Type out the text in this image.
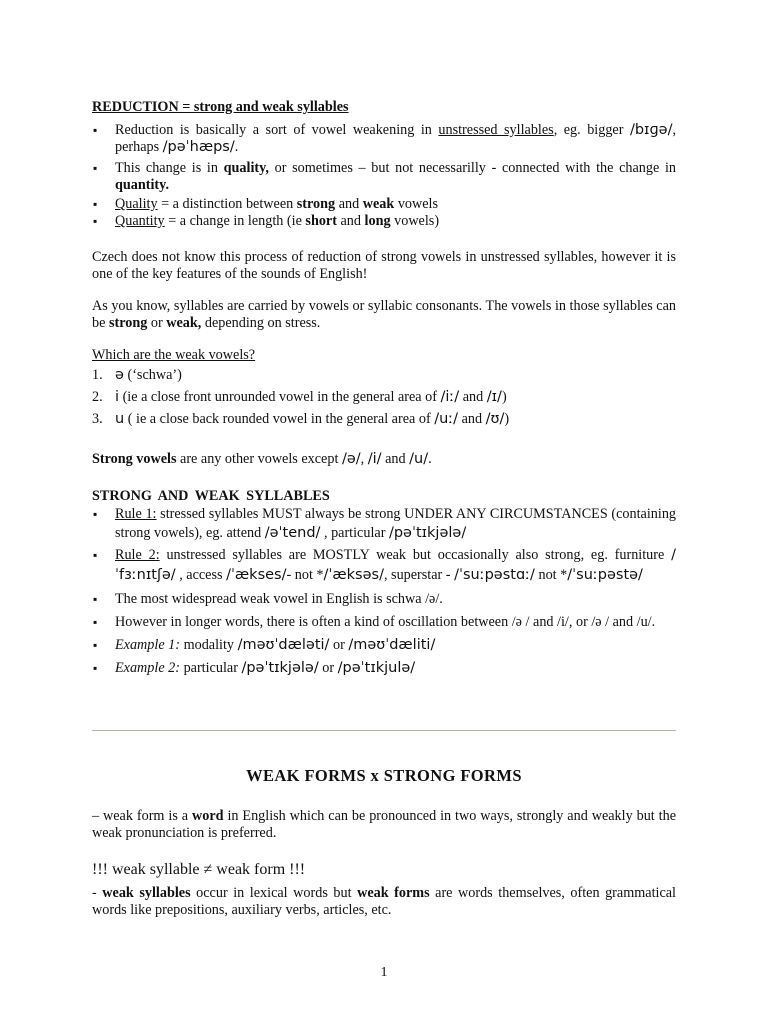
REDUCTION = strong and weak syllables
▪ Reduction is basically a sort of vowel weakening in unstressed syllables, eg. bigger /bɪɡə/, perhaps /pəˈhæps/.
▪ This change is in quality, or sometimes – but not necessarilly - connected with the change in quantity.
▪ Quality = a distinction between strong and weak vowels
▪ Quantity = a change in length (ie short and long vowels)

Czech does not know this process of reduction of strong vowels in unstressed syllables, however it is one of the key features of the sounds of English!

As you know, syllables are carried by vowels or syllabic consonants. The vowels in those syllables can be strong or weak, depending on stress.

Which are the weak vowels?
1. ə (‘schwa’)
2. i (ie a close front unrounded vowel in the general area of /iː/ and /ɪ/)
3. u ( ie a close back rounded vowel in the general area of /uː/ and /ʊ/)

Strong vowels are any other vowels except /ə/, /i/ and /u/.

STRONG AND WEAK SYLLABLES
▪ Rule 1: stressed syllables MUST always be strong UNDER ANY CIRCUMSTANCES (containing strong vowels), eg. attend /əˈtend/ , particular /pəˈtɪkjələ/
▪ Rule 2: unstressed syllables are MOSTLY weak but occasionally also strong, eg. furniture /ˈfɜːnɪtʃə/ , access /ˈækses/- not */ˈæksəs/, superstar - /ˈsuːpəstɑː/ not */ˈsuːpəstə/
▪ The most widespread weak vowel in English is schwa /ə/.
▪ However in longer words, there is often a kind of oscillation between /ə / and /i/, or /ə / and /u/.
▪ Example 1: modality /məʊˈdæləti/ or /məʊˈdæliti/
▪ Example 2: particular /pəˈtɪkjələ/ or /pəˈtɪkjulə/
WEAK FORMS x STRONG FORMS

– weak form is a word in English which can be pronounced in two ways, strongly and weakly but the weak pronunciation is preferred.

!!! weak syllable ≠ weak form !!!

- weak syllables occur in lexical words but weak forms are words themselves, often grammatical words like prepositions, auxiliary verbs, articles, etc.

1
